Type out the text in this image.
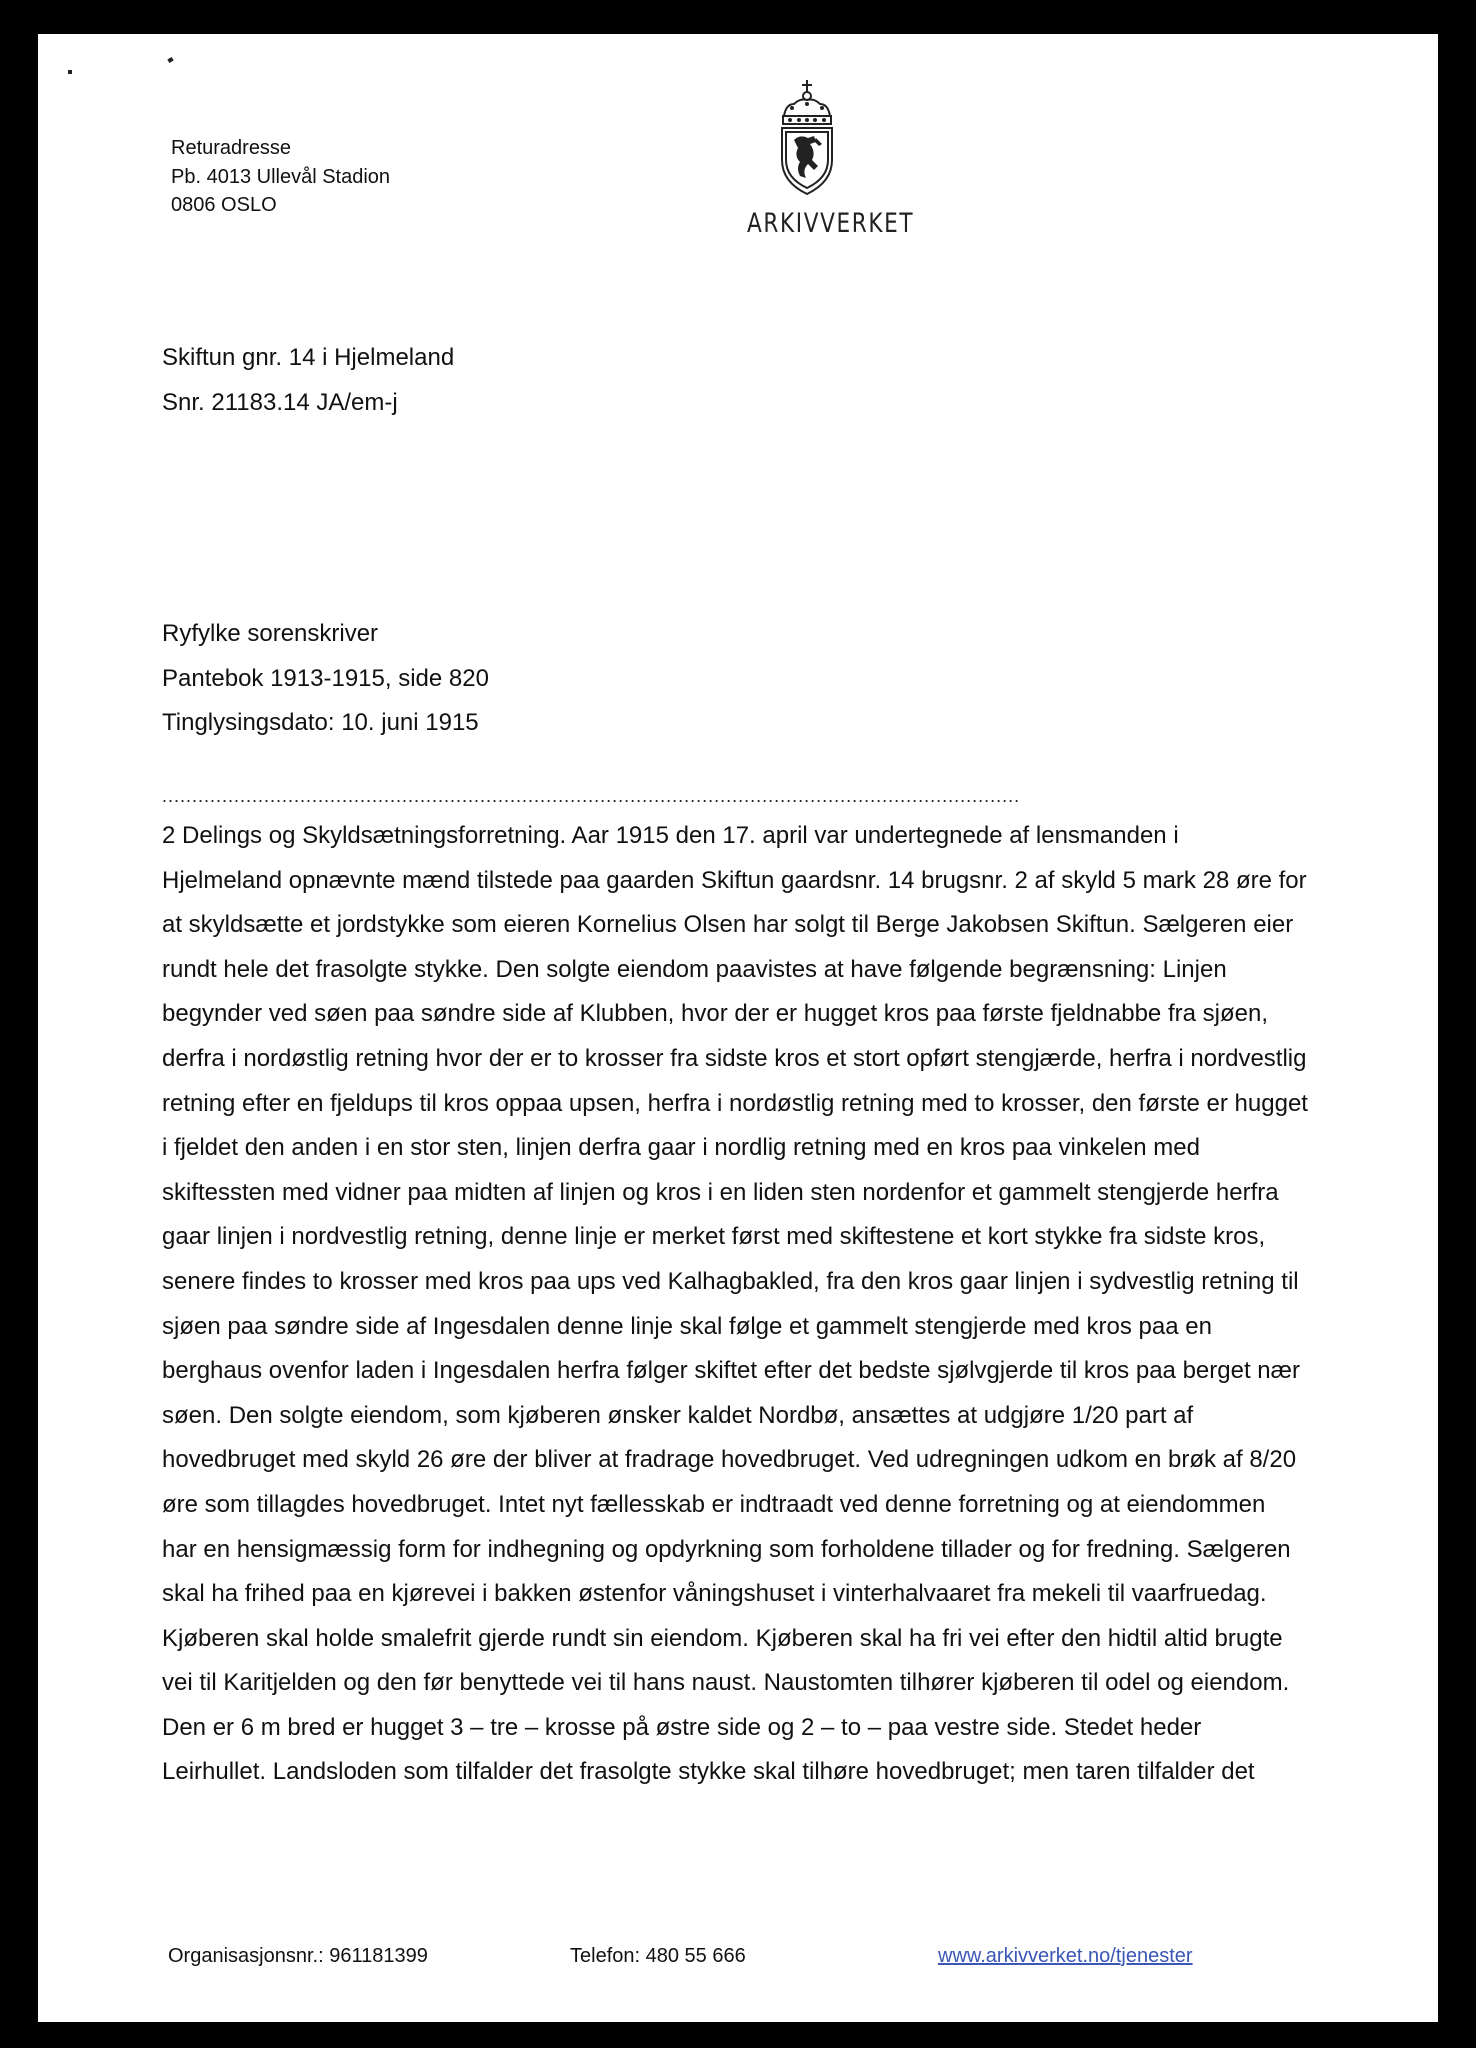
Returadresse
Pb. 4013 Ullevål Stadion
0806 OSLO
ARKIVVERKET
Skiftun gnr. 14 i Hjelmeland
Snr. 21183.14 JA/em-j
Ryfylke sorenskriver
Pantebok 1913-1915, side 820
Tinglysingsdato: 10. juni 1915
...............................................................................................................................................
2 Delings og Skyldsætningsforretning. Aar 1915 den 17. april var undertegnede af lensmanden i
Hjelmeland opnævnte mænd tilstede paa gaarden Skiftun gaardsnr. 14 brugsnr. 2 af skyld 5 mark 28 øre for
at skyldsætte et jordstykke som eieren Kornelius Olsen har solgt til Berge Jakobsen Skiftun. Sælgeren eier
rundt hele det frasolgte stykke. Den solgte eiendom paavistes at have følgende begrænsning: Linjen
begynder ved søen paa søndre side af Klubben, hvor der er hugget kros paa første fjeldnabbe fra sjøen,
derfra i nordøstlig retning hvor der er to krosser fra sidste kros et stort opført stengjærde, herfra i nordvestlig
retning efter en fjeldups til kros oppaa upsen, herfra i nordøstlig retning med to krosser, den første er hugget
i fjeldet den anden i en stor sten, linjen derfra gaar i nordlig retning med en kros paa vinkelen med
skiftessten med vidner paa midten af linjen og kros i en liden sten nordenfor et gammelt stengjerde herfra
gaar linjen i nordvestlig retning, denne linje er merket først med skiftestene et kort stykke fra sidste kros,
senere findes to krosser med kros paa ups ved Kalhagbakled, fra den kros gaar linjen i sydvestlig retning til
sjøen paa søndre side af Ingesdalen denne linje skal følge et gammelt stengjerde med kros paa en
berghaus ovenfor laden i Ingesdalen herfra følger skiftet efter det bedste sjølvgjerde til kros paa berget nær
søen. Den solgte eiendom, som kjøberen ønsker kaldet Nordbø, ansættes at udgjøre 1/20 part af
hovedbruget med skyld 26 øre der bliver at fradrage hovedbruget. Ved udregningen udkom en brøk af 8/20
øre som tillagdes hovedbruget. Intet nyt fællesskab er indtraadt ved denne forretning og at eiendommen
har en hensigmæssig form for indhegning og opdyrkning som forholdene tillader og for fredning. Sælgeren
skal ha frihed paa en kjørevei i bakken østenfor våningshuset i vinterhalvaaret fra mekeli til vaarfruedag.
Kjøberen skal holde smalefrit gjerde rundt sin eiendom. Kjøberen skal ha fri vei efter den hidtil altid brugte
vei til Karitjelden og den før benyttede vei til hans naust. Naustomten tilhører kjøberen til odel og eiendom.
Den er 6 m bred er hugget 3 – tre – krosse på østre side og 2 – to – paa vestre side. Stedet heder
Leirhullet. Landsloden som tilfalder det frasolgte stykke skal tilhøre hovedbruget; men taren tilfalder det
Organisasjonsnr.: 961181399	Telefon: 480 55 666	www.arkivverket.no/tjenester
